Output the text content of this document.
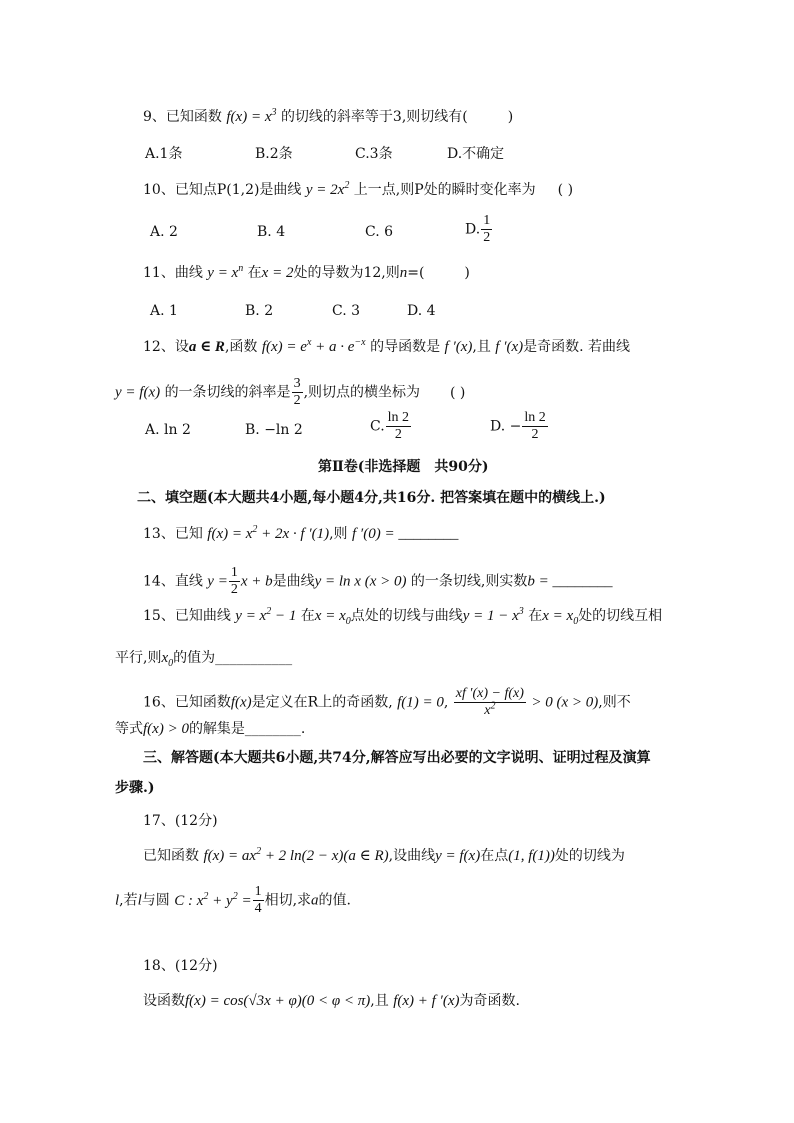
9、已知函数 $f(x) = x^3$ 的切线的斜率等于3,则切线有(	)
A.1条	B.2条	C.3条	D.不确定
10、已知点P(1,2)是曲线 $y = 2x^2$ 上一点,则P处的瞬时变化率为 ( )
A. 2	B. 4	C. 6	D. $\frac{1}{2}$
11、曲线 $y = x^n$ 在x = 2处的导数为12,则n=(	)
A. 1	B. 2	C. 3	D. 4
12、设a ∈ R,函数 $f(x) = e^x + a \cdot e^{-x}$ 的导函数是 f ′(x),且 f ′(x)是奇函数. 若曲线
y = f(x) 的一条切线的斜率是 $\frac{3}{2}$ ,则切点的横坐标为 ( )
A. ln 2	B. −ln 2	C. $\frac{\ln 2}{2}$	D. − $\frac{\ln 2}{2}$
第Ⅱ卷(非选择题　共90分)
二、填空题(本大题共4小题,每小题4分,共16分. 把答案填在题中的横线上.)
13、已知 $f(x) = x^2 + 2x \cdot f$ ′(1),则 f ′(0) = ________
14、直线 $y = \frac{1}{2}$ x + b是曲线y = ln x (x > 0) 的一条切线,则实数b = ________
15、已知曲线 $y = x^2 - 1$ 在$x = x_0$点处的切线与曲线$y = 1 - x^3$ 在$x = x_0$处的切线互相
平行,则$x_0$的值为___________
16、已知函数f(x)是定义在R上的奇函数, f(1) = 0, $\frac{xf '(x) - f(x)}{x^2} > 0$ (x > 0),则不
等式f(x) > 0的解集是________.
三、解答题(本大题共6小题,共74分,解答应写出必要的文字说明、证明过程及演算
步骤.)
17、(12分)
已知函数 $f(x) = ax^2 + 2$ ln(2 − x)(a ∈ R),设曲线y = f(x)在点(1, f(1))处的切线为
l,若l与圆 C : $x^2 + y^2 = \frac{1}{4}$ 相切,求a的值.
18、(12分)
设函数f(x) = cos(√3x + φ)(0 < φ < π),且 f(x) + f ′(x)为奇函数.
